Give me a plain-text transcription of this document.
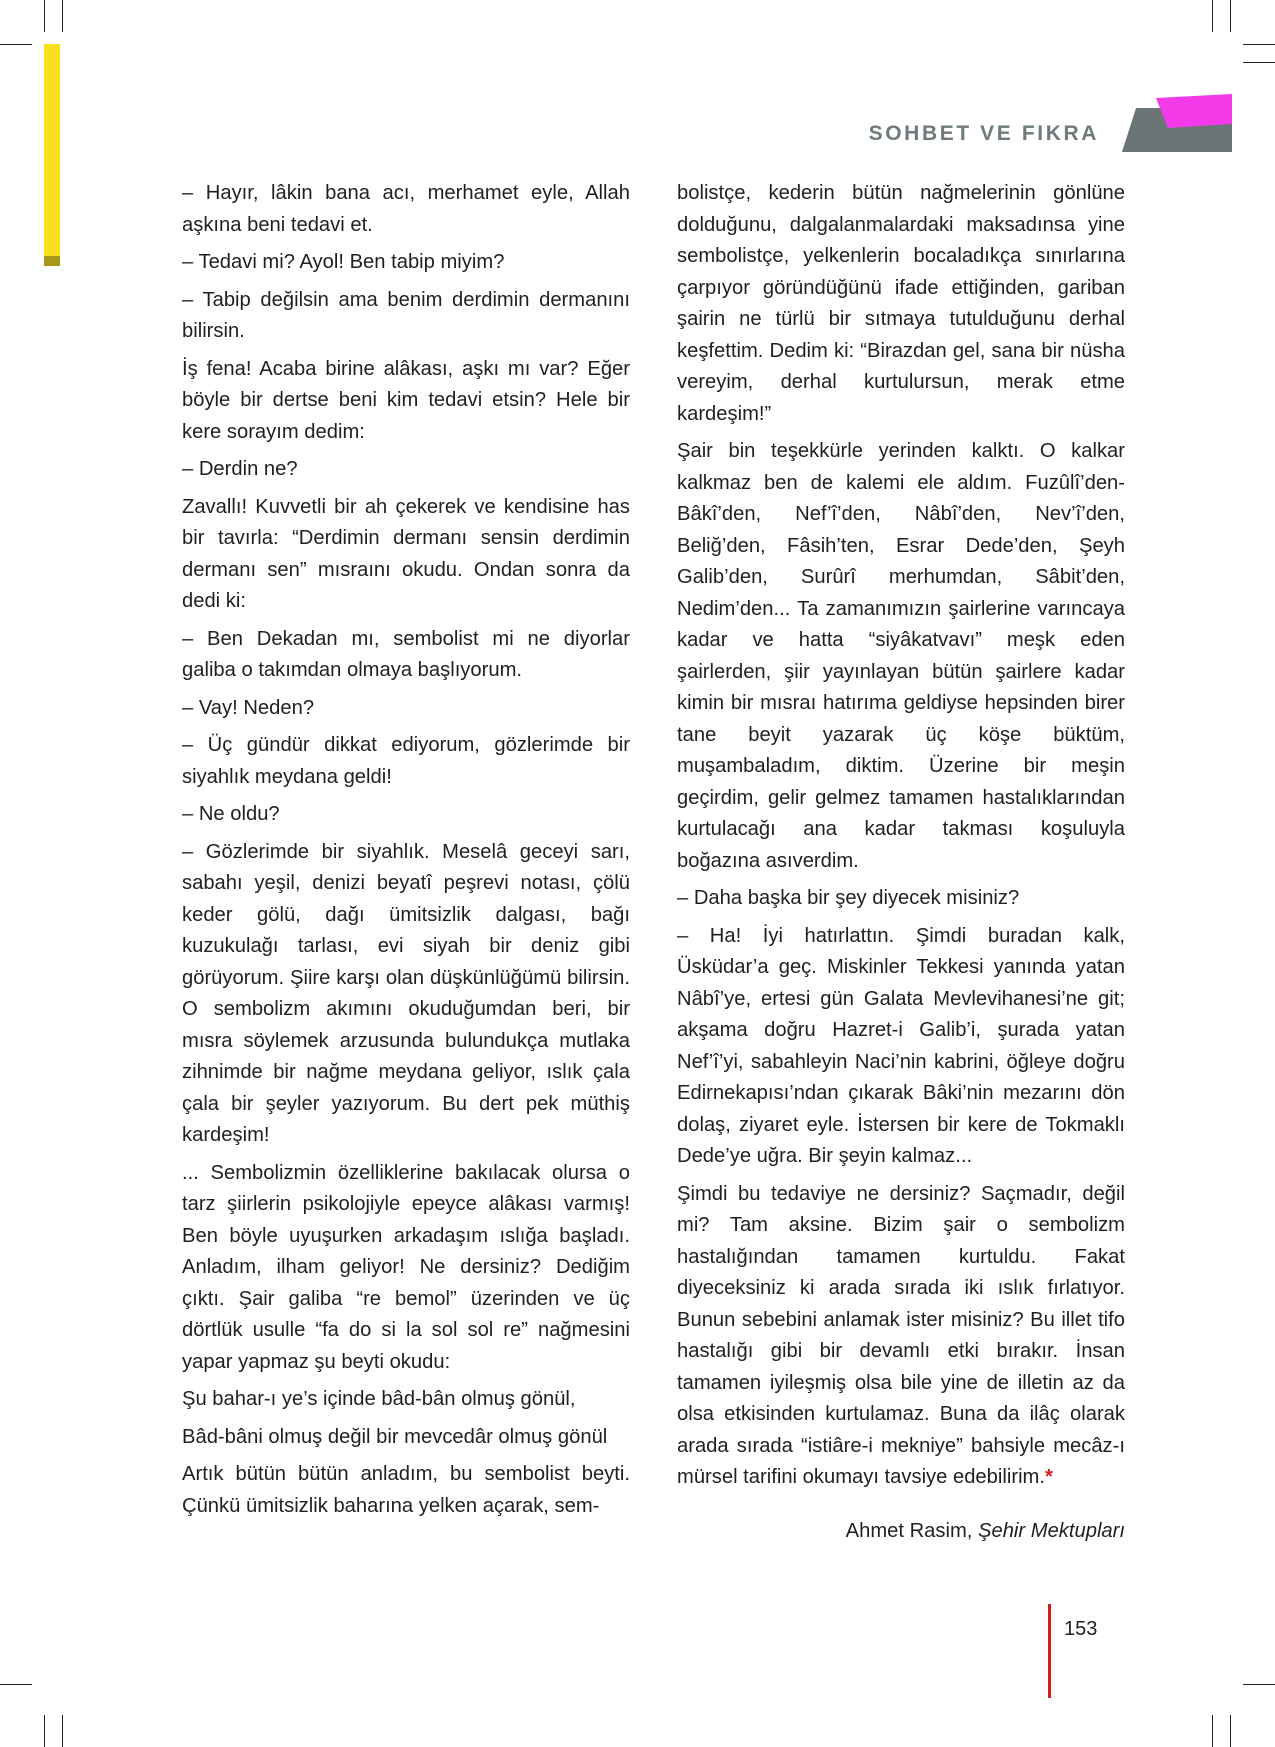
SOHBET VE FIKRA

– Hayır, lâkin bana acı, merhamet eyle, Allah aşkına beni tedavi et.

– Tedavi mi? Ayol! Ben tabip miyim?

– Tabip değilsin ama benim derdimin dermanını bilirsin.

İş fena! Acaba birine alâkası, aşkı mı var? Eğer böyle bir dertse beni kim tedavi etsin? Hele bir kere sorayım dedim:

– Derdin ne?

Zavallı! Kuvvetli bir ah çekerek ve kendisine has bir tavırla: “Derdimin dermanı sensin derdimin dermanı sen” mısraını okudu. Ondan sonra da dedi ki:

– Ben Dekadan mı, sembolist mi ne diyorlar galiba o takımdan olmaya başlıyorum.

– Vay! Neden?

– Üç gündür dikkat ediyorum, gözlerimde bir siyahlık meydana geldi!

– Ne oldu?

– Gözlerimde bir siyahlık. Meselâ geceyi sarı, sabahı yeşil, denizi beyatî peşrevi notası, çölü keder gölü, dağı ümitsizlik dalgası, bağı kuzukulağı tarlası, evi siyah bir deniz gibi görüyorum. Şiire karşı olan düşkünlüğümü bilirsin. O sembolizm akımını okuduğumdan beri, bir mısra söylemek arzusunda bulundukça mutlaka zihnimde bir nağme meydana geliyor, ıslık çala çala bir şeyler yazıyorum. Bu dert pek müthiş kardeşim!

... Sembolizmin özelliklerine bakılacak olursa o tarz şiirlerin psikolojiyle epeyce alâkası varmış! Ben böyle uyuşurken arkadaşım ıslığa başladı. Anladım, ilham geliyor! Ne dersiniz? Dediğim çıktı. Şair galiba “re bemol” üzerinden ve üç dörtlük usulle “fa do si la sol sol re” nağmesini yapar yapmaz şu beyti okudu:

Şu bahar-ı ye’s içinde bâd-bân olmuş gönül,

Bâd-bâni olmuş değil bir mevcedâr olmuş gönül

Artık bütün bütün anladım, bu sembolist beyti. Çünkü ümitsizlik baharına yelken açarak, sem-

bolistçe, kederin bütün nağmelerinin gönlüne dolduğunu, dalgalanmalardaki maksadınsa yine sembolistçe, yelkenlerin bocaladıkça sınırlarına çarpıyor göründüğünü ifade ettiğinden, gariban şairin ne türlü bir sıtmaya tutulduğunu derhal keşfettim. Dedim ki: “Birazdan gel, sana bir nüsha vereyim, derhal kurtulursun, merak etme kardeşim!”

Şair bin teşekkürle yerinden kalktı. O kalkar kalkmaz ben de kalemi ele aldım. Fuzûlî’den-Bâkî’den, Nef’î’den, Nâbî’den, Nev’î’den, Beliğ’den, Fâsih’ten, Esrar Dede’den, Şeyh Galib’den, Surûrî merhumdan, Sâbit’den, Nedim’den... Ta zamanımızın şairlerine varıncaya kadar ve hatta “siyâkatvavı” meşk eden şairlerden, şiir yayınlayan bütün şairlere kadar kimin bir mısraı hatırıma geldiyse hepsinden birer tane beyit yazarak üç köşe büktüm, muşambaladım, diktim. Üzerine bir meşin geçirdim, gelir gelmez tamamen hastalıklarından kurtulacağı ana kadar takması koşuluyla boğazına asıverdim.

– Daha başka bir şey diyecek misiniz?

– Ha! İyi hatırlattın. Şimdi buradan kalk, Üsküdar’a geç. Miskinler Tekkesi yanında yatan Nâbî’ye, ertesi gün Galata Mevlevihanesi’ne git; akşama doğru Hazret-i Galib’i, şurada yatan Nef’î’yi, sabahleyin Naci’nin kabrini, öğleye doğru Edirnekapısı’ndan çıkarak Bâki’nin mezarını dön dolaş, ziyaret eyle. İstersen bir kere de Tokmaklı Dede’ye uğra. Bir şeyin kalmaz...

Şimdi bu tedaviye ne dersiniz? Saçmadır, değil mi? Tam aksine. Bizim şair o sembolizm hastalığından tamamen kurtuldu. Fakat diyeceksiniz ki arada sırada iki ıslık fırlatıyor. Bunun sebebini anlamak ister misiniz? Bu illet tifo hastalığı gibi bir devamlı etki bırakır. İnsan tamamen iyileşmiş olsa bile yine de illetin az da olsa etkisinden kurtulamaz. Buna da ilâç olarak arada sırada “istiâre-i mekniye” bahsiyle mecâz-ı mürsel tarifini okumayı tavsiye edebilirim.*

Ahmet Rasim, Şehir Mektupları

153
